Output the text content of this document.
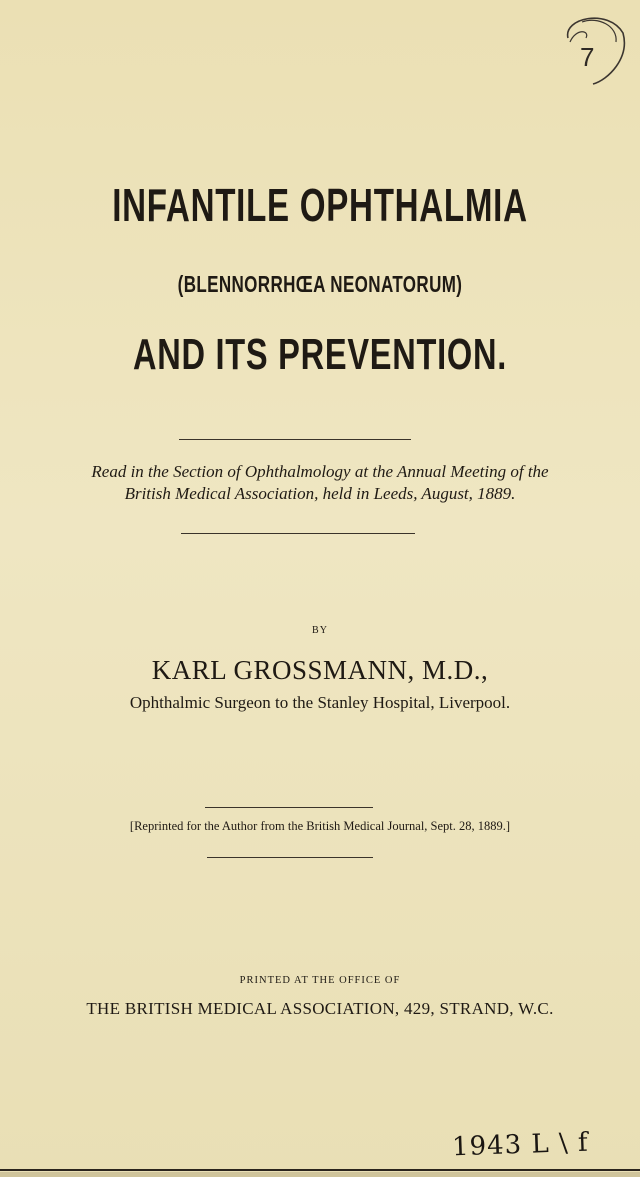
7
INFANTILE OPHTHALMIA
(BLENNORRHŒA NEONATORUM)
AND ITS PREVENTION.
Read in the Section of Ophthalmology at the Annual Meeting of the
British Medical Association, held in Leeds, August, 1889.
BY
KARL GROSSMANN, M.D.,
Ophthalmic Surgeon to the Stanley Hospital, Liverpool.
[Reprinted for the Author from the British Medical Journal, Sept. 28, 1889.]
PRINTED AT THE OFFICE OF
THE BRITISH MEDICAL ASSOCIATION, 429, STRAND, W.C.
1943 L \ f
